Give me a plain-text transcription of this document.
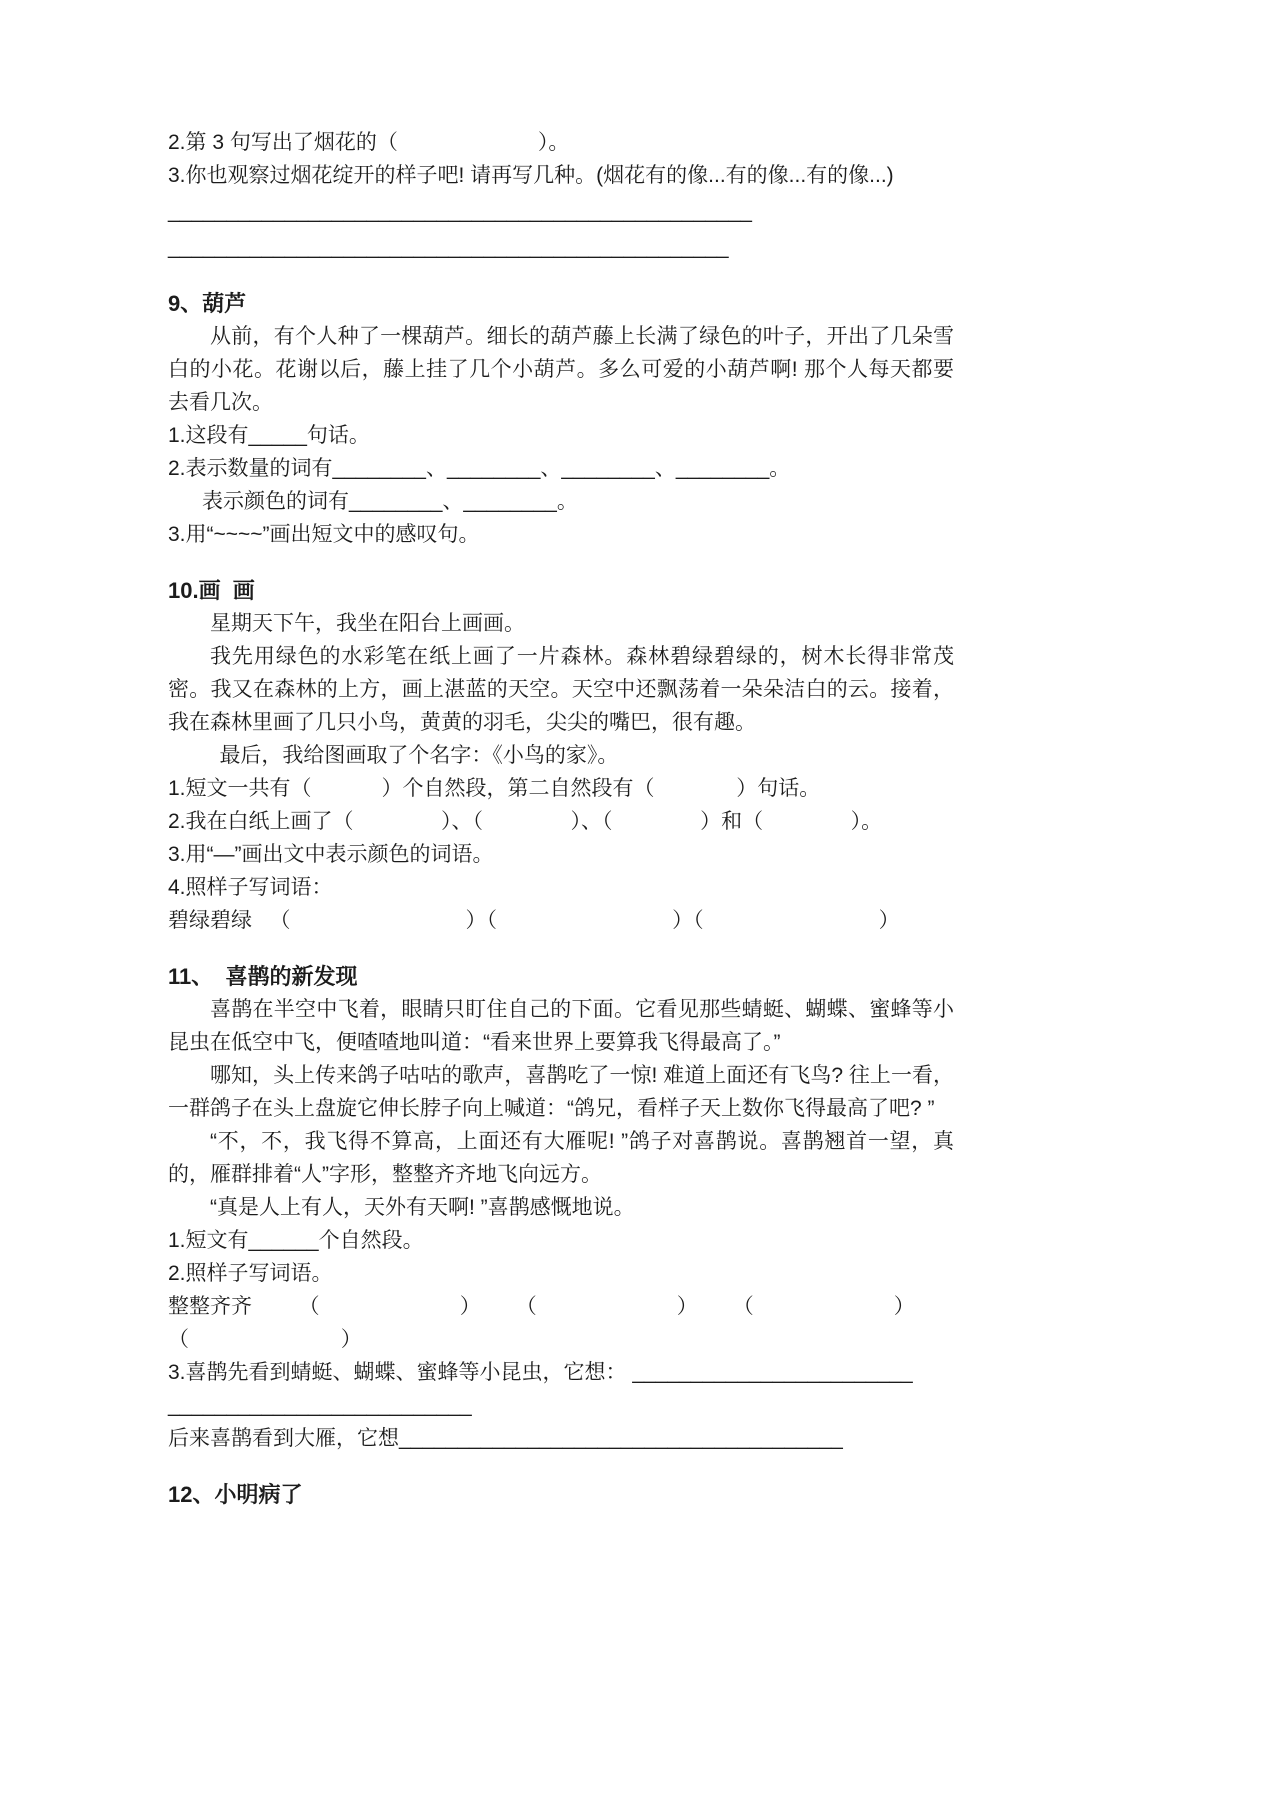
2.第 3 句写出了烟花的（                        ）。

3.你也观察过烟花绽开的样子吧! 请再写几种。(烟花有的像...有的像...有的像...)

__________________________________________________

________________________________________________

9、葫芦

从前，有个人种了一棵葫芦。细长的葫芦藤上长满了绿色的叶子，开出了几朵雪白的小花。花谢以后，藤上挂了几个小葫芦。多么可爱的小葫芦啊! 那个人每天都要去看几次。

1.这段有_____句话。

2.表示数量的词有________、________、________、________。

表示颜色的词有________、________。

3.用“~~~~”画出短文中的感叹句。

10.画  画

星期天下午，我坐在阳台上画画。

我先用绿色的水彩笔在纸上画了一片森林。森林碧绿碧绿的，树木长得非常茂密。我又在森林的上方，画上湛蓝的天空。天空中还飘荡着一朵朵洁白的云。接着，我在森林里画了几只小鸟，黄黄的羽毛，尖尖的嘴巴，很有趣。

最后，我给图画取了个名字：《小鸟的家》。

1.短文一共有（            ）个自然段，第二自然段有（              ）句话。

2.我在白纸上画了（               ）、（               ）、（               ）和（               ）。

3.用“—”画出文中表示颜色的词语。

4.照样子写词语：

碧绿碧绿   （                              ）（                              ）（                              ）

11、  喜鹊的新发现

喜鹊在半空中飞着，眼睛只盯住自己的下面。它看见那些蜻蜓、蝴蝶、蜜蜂等小昆虫在低空中飞，便喳喳地叫道：“看来世界上要算我飞得最高了。”

哪知，头上传来鸽子咕咕的歌声，喜鹊吃了一惊! 难道上面还有飞鸟? 往上一看，一群鸽子在头上盘旋它伸长脖子向上喊道：“鸽兄，看样子天上数你飞得最高了吧? ”

“不，不，我飞得不算高，上面还有大雁呢! ”鸽子对喜鹊说。喜鹊翘首一望，真的，雁群排着“人”字形，整整齐齐地飞向远方。

“真是人上有人，天外有天啊! ”喜鹊感慨地说。

1.短文有______个自然段。

2.照样子写词语。

整整齐齐        （                        ）      （                        ）      （                        ）

（                          ）

3.喜鹊先看到蜻蜓、蝴蝶、蜜蜂等小昆虫，它想： ________________________

__________________________

后来喜鹊看到大雁，它想______________________________________

12、小明病了
